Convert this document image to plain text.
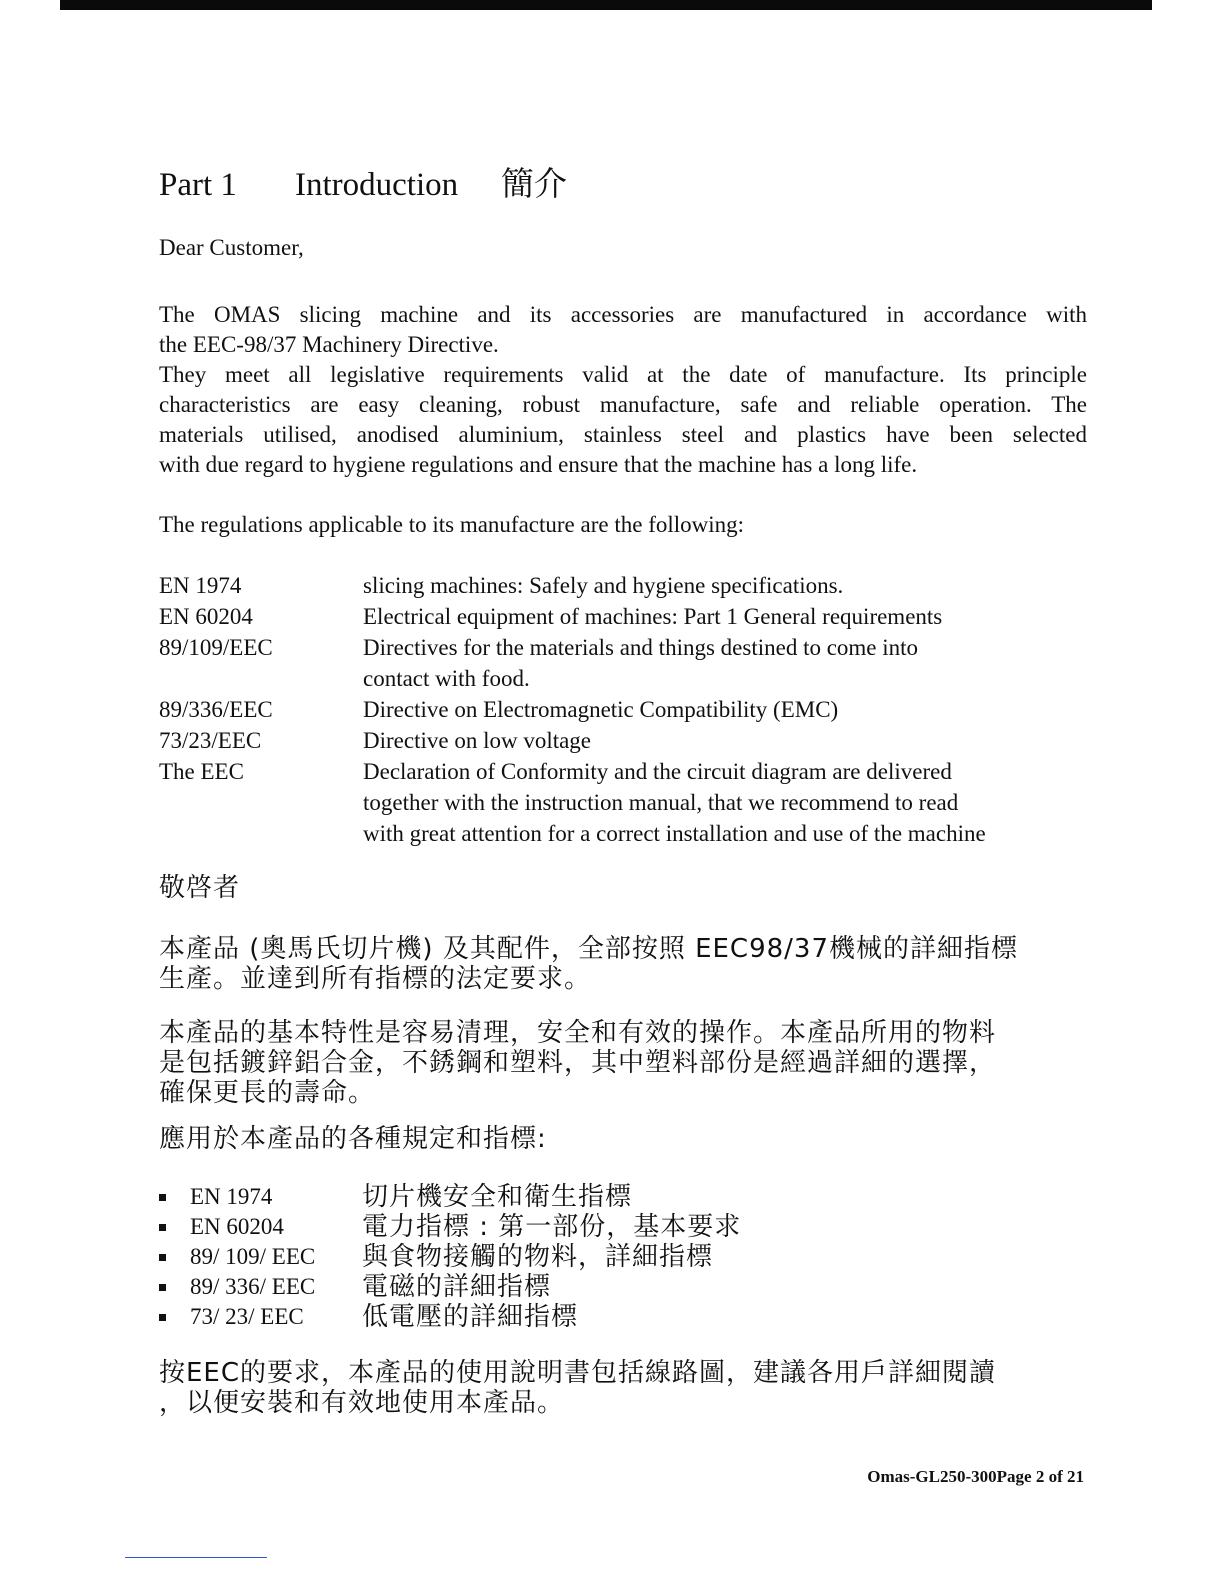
Part 1 Introduction 簡介

Dear Customer,

The OMAS slicing machine and its accessories are manufactured in accordance with
the EEC-98/37 Machinery Directive.
They meet all legislative requirements valid at the date of manufacture. Its principle
characteristics are easy cleaning, robust manufacture, safe and reliable operation. The
materials utilised, anodised aluminium, stainless steel and plastics have been selected
with due regard to hygiene regulations and ensure that the machine has a long life.

The regulations applicable to its manufacture are the following:

EN 1974	slicing machines: Safely and hygiene specifications.
EN 60204	Electrical equipment of machines: Part 1 General requirements
89/109/EEC	Directives for the materials and things destined to come into
contact with food.
89/336/EEC	Directive on Electromagnetic Compatibility (EMC)
73/23/EEC	Directive on low voltage
The EEC	Declaration of Conformity and the circuit diagram are delivered
together with the instruction manual, that we recommend to read
with great attention for a correct installation and use of the machine

敬啓者

本產品 (奧馬氏切片機) 及其配件，全部按照 EEC98/37機械的詳細指標
生產。並達到所有指標的法定要求。
本產品的基本特性是容易清理，安全和有效的操作。本產品所用的物料
是包括鍍鋅鋁合金，不銹鋼和塑料，其中塑料部份是經過詳細的選擇，
確保更長的壽命。

應用於本產品的各種規定和指標:

EN 1974	切片機安全和衛生指標
EN 60204	電力指標 : 第一部份，基本要求
89/ 109/ EEC	與食物接觸的物料，詳細指標
89/ 336/ EEC	電磁的詳細指標
73/ 23/ EEC	低電壓的詳細指標
按EEC的要求，本產品的使用說明書包括線路圖，建議各用戶詳細閱讀
，以便安裝和有效地使用本產品。
Omas-GL250-300Page 2 of 21
